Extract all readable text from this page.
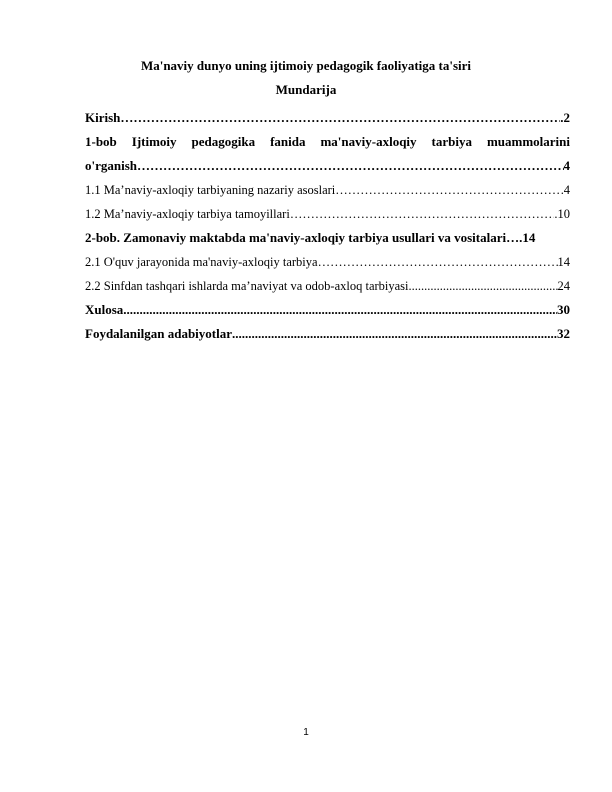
Ma'naviy dunyo uning ijtimoiy pedagogik faoliyatiga ta'siri
Mundarija
Kirish ………………………………………………………………………………………………………………………………………………………………………………	.2
1-bob Ijtimoiy pedagogika fanida ma'naviy-axloqiy tarbiya muammolarini
o'rganish ………………………………………………………………………………………………………………………………………………………………………………	4
1.1 Ma’naviy-axloqiy tarbiyaning nazariy asoslari ………………………………………………………………………………………………………………………………………………………………………………	4
1.2 Ma’naviy-axloqiy tarbiya tamoyillari ………………………………………………………………………………………………………………………………………………………………………………	.10
2-bob. Zamonaviy maktabda ma'naviy-axloqiy tarbiya usullari va vositalari ….14
2.1 O'quv jarayonida ma'naviy-axloqiy tarbiya ………………………………………………………………………………………………………………………………………………………………………………	14
2.2 Sinfdan tashqari ishlarda ma’naviyat va odob-axloq tarbiyasi .....	24
Xulosa .....	30
Foydalanilgan adabiyotlar .....	32
1
